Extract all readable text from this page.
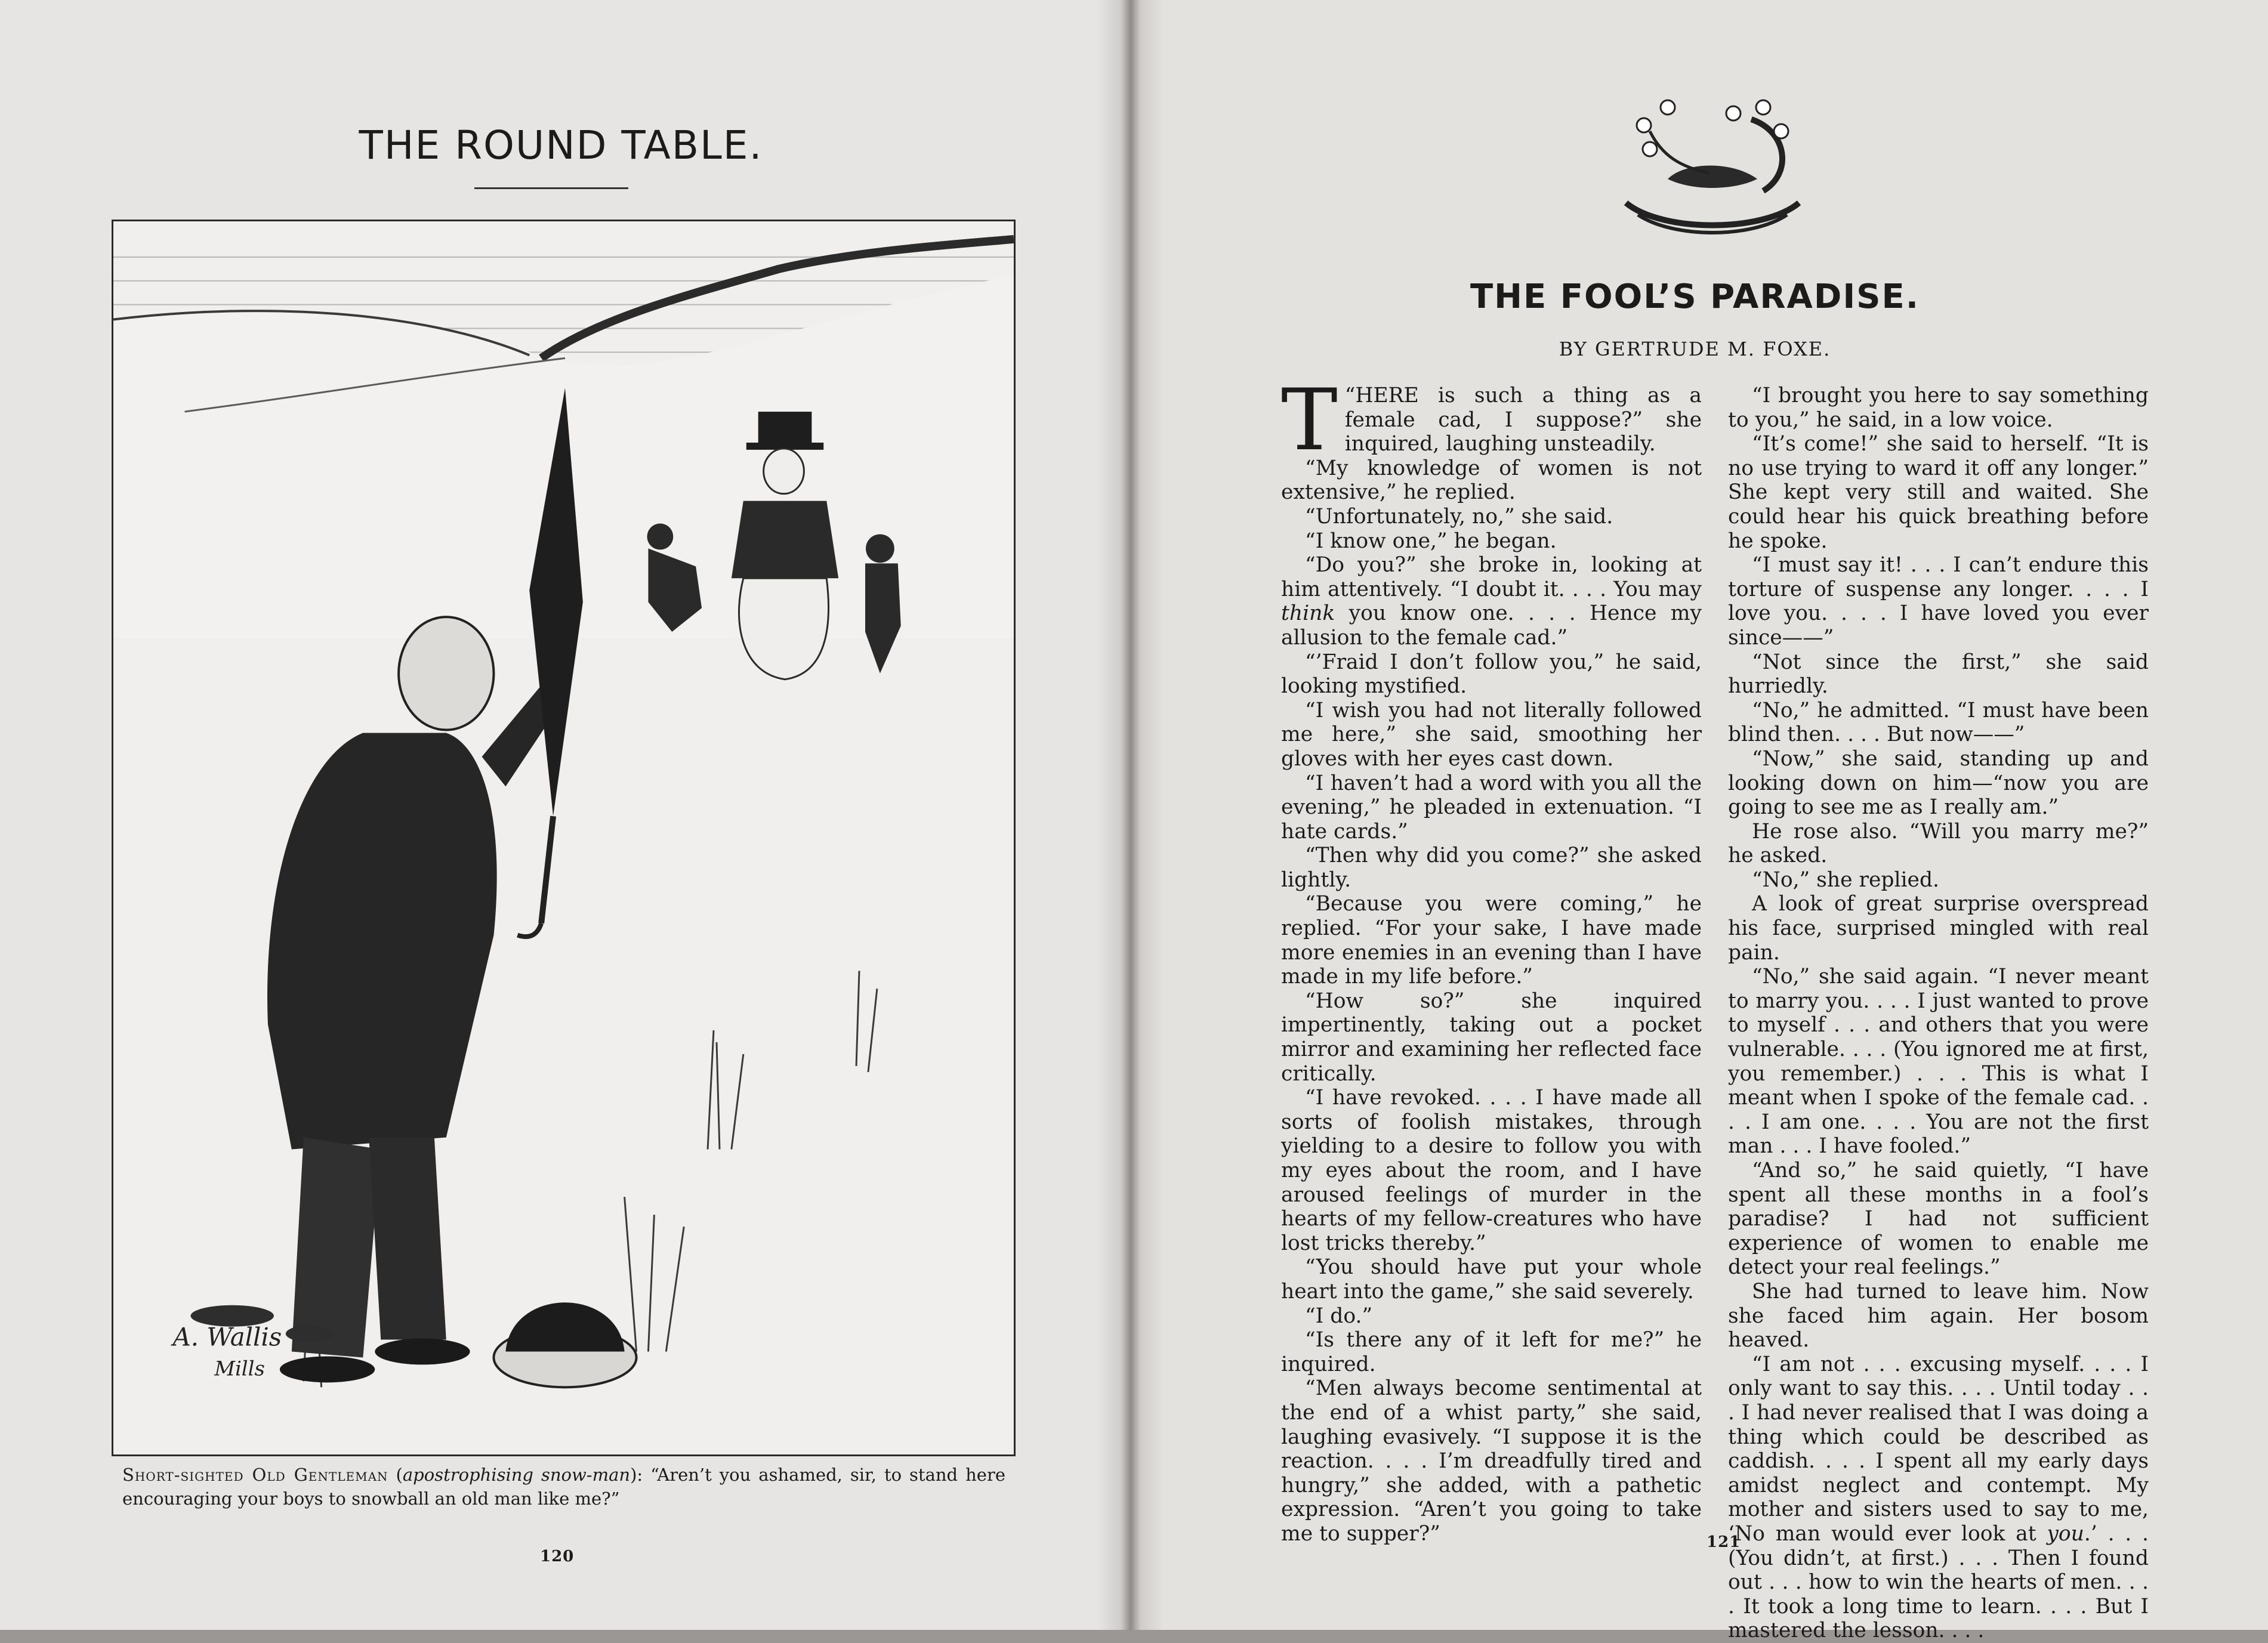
THE ROUND TABLE.
A. Wallis
Mills
Short-sighted Old Gentleman (apostrophising snow-man): “Aren’t you ashamed, sir, to stand here encouraging your boys to snowball an old man like me?”
120
THE FOOL’S PARADISE.
BY GERTRUDE M. FOXE.

“
T HERE is such a thing as a female cad, I suppose?” she inquired, laughing unsteadily.

“My knowledge of women is not extensive,” he replied.

“Unfortunately, no,” she said.

“I know one,” he began.

“Do you?” she broke in, looking at him attentively. “I doubt it. . . . You may think you know one. . . . Hence my allusion to the female cad.”

“’Fraid I don’t follow you,” he said, looking mystified.

“I wish you had not literally followed me here,” she said, smoothing her gloves with her eyes cast down.

“I haven’t had a word with you all the evening,” he pleaded in extenuation. “I hate cards.”

“Then why did you come?” she asked lightly.

“Because you were coming,” he replied. “For your sake, I have made more enemies in an evening than I have made in my life before.”

“How so?” she inquired impertinently, taking out a pocket mirror and examining her reflected face critically.

“I have revoked. . . . I have made all sorts of foolish mistakes, through yielding to a desire to follow you with my eyes about the room, and I have aroused feelings of murder in the hearts of my fellow-creatures who have lost tricks thereby.”

“You should have put your whole heart into the game,” she said severely.

“I do.”

“Is there any of it left for me?” he inquired.

“Men always become sentimental at the end of a whist party,” she said, laughing evasively. “I suppose it is the reaction. . . . I’m dreadfully tired and hungry,” she added, with a pathetic expression. “Aren’t you going to take me to supper?”

“I brought you here to say something to you,” he said, in a low voice.

“It’s come!” she said to herself. “It is no use trying to ward it off any longer.” She kept very still and waited. She could hear his quick breathing before he spoke.

“I must say it! . . . I can’t endure this torture of suspense any longer. . . . I love you. . . . I have loved you ever since——”

“Not since the first,” she said hurriedly.

“No,” he admitted. “I must have been blind then. . . . But now——”

“Now,” she said, standing up and looking down on him—“now you are going to see me as I really am.”

He rose also. “Will you marry me?” he asked.

“No,” she replied.

A look of great surprise overspread his face, surprised mingled with real pain.

“No,” she said again. “I never meant to marry you. . . . I just wanted to prove to myself . . . and others that you were vulnerable. . . . (You ignored me at first, you remember.) . . . This is what I meant when I spoke of the female cad. . . . I am one. . . . You are not the first man . . . I have fooled.”

“And so,” he said quietly, “I have spent all these months in a fool’s paradise? I had not sufficient experience of women to enable me detect your real feelings.”

She had turned to leave him. Now she faced him again. Her bosom heaved.

“I am not . . . excusing myself. . . . I only want to say this. . . . Until today . . . I had never realised that I was doing a thing which could be described as caddish. . . . I spent all my early days amidst neglect and contempt. My mother and sisters used to say to me, ‘No man would ever look at you.’ . . . (You didn’t, at first.) . . . Then I found out . . . how to win the hearts of men. . . . It took a long time to learn. . . . But I mastered the lesson. . . .

121
